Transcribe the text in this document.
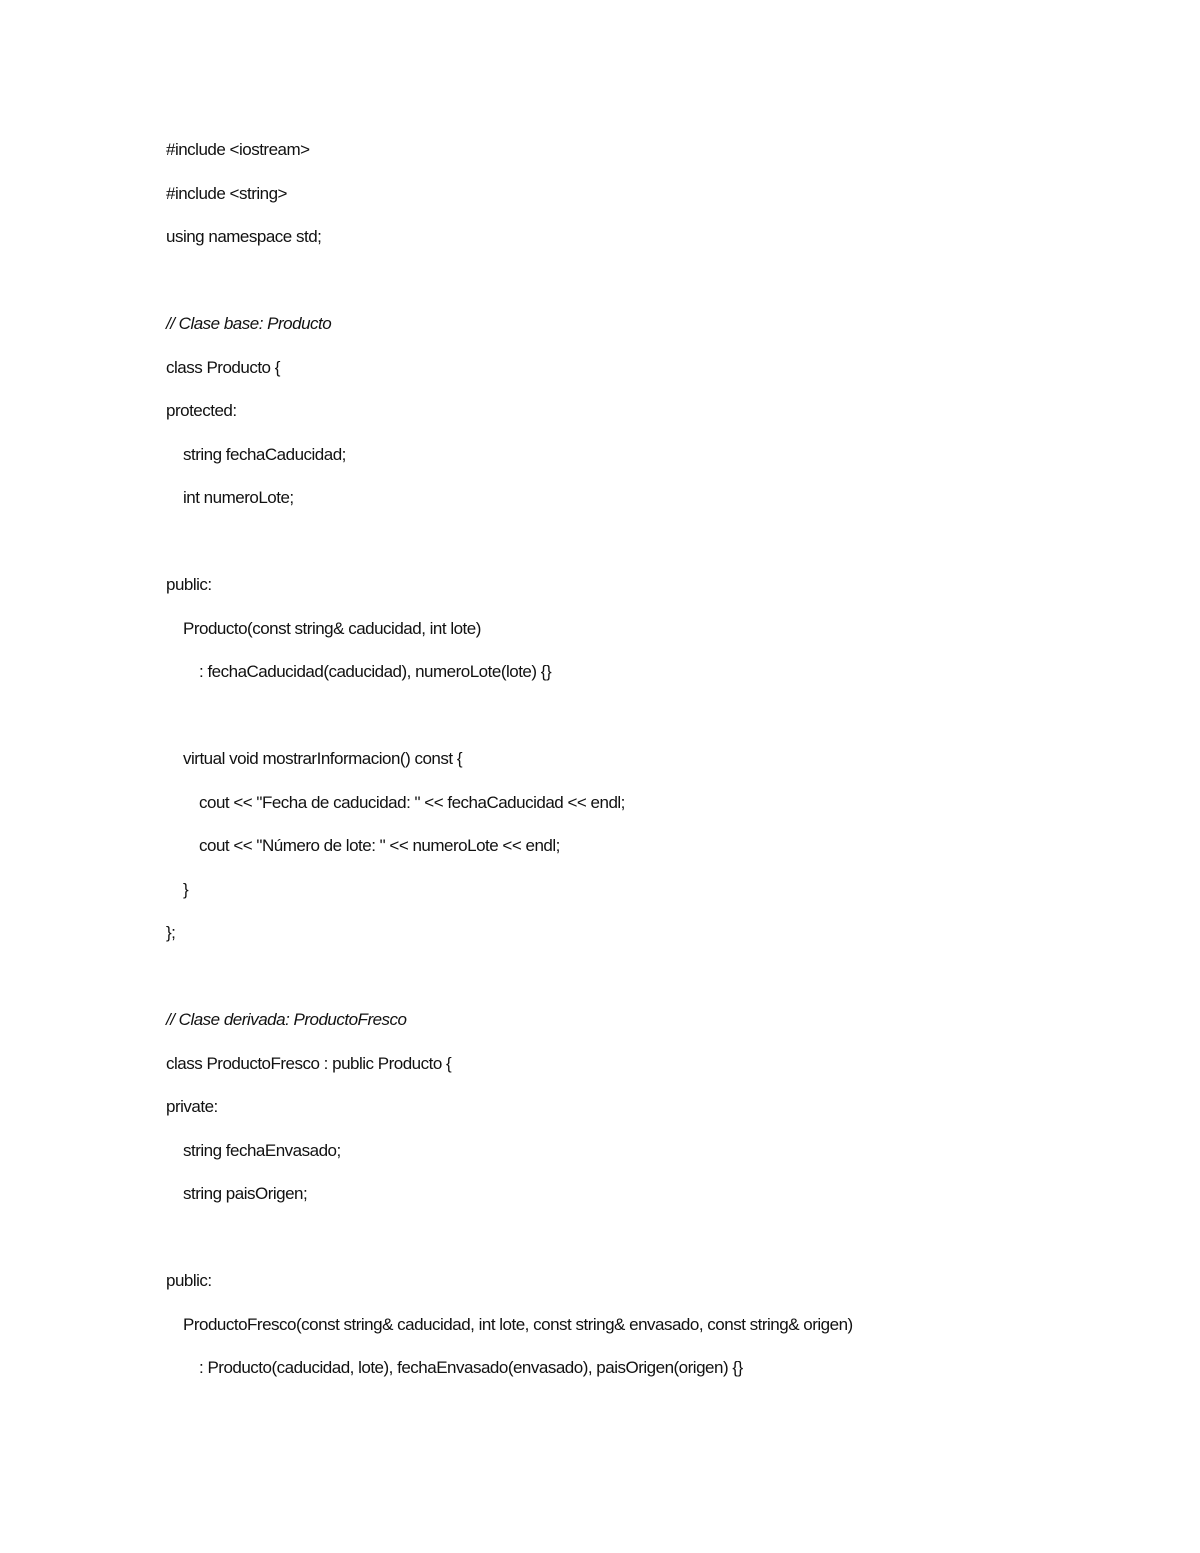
#include <iostream>
#include <string>
using namespace std;
// Clase base: Producto
class Producto {
protected:
string fechaCaducidad;
int numeroLote;
public:
Producto(const string& caducidad, int lote)
: fechaCaducidad(caducidad), numeroLote(lote) {}
virtual void mostrarInformacion() const {
cout << "Fecha de caducidad: " << fechaCaducidad << endl;
cout << "Número de lote: " << numeroLote << endl;
}
};
// Clase derivada: ProductoFresco
class ProductoFresco : public Producto {
private:
string fechaEnvasado;
string paisOrigen;
public:
ProductoFresco(const string& caducidad, int lote, const string& envasado, const string& origen)
: Producto(caducidad, lote), fechaEnvasado(envasado), paisOrigen(origen) {}
